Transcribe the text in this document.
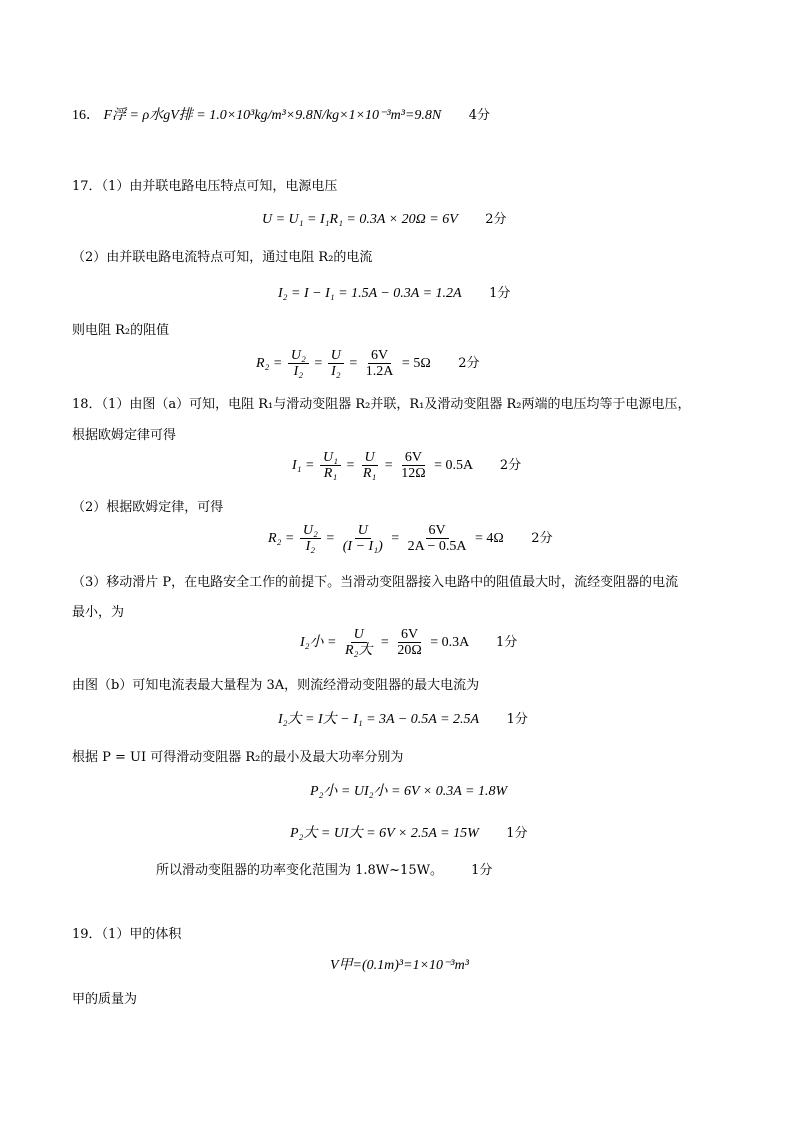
16． F浮 = ρ水gV排 = 1.0×10³kg/m³×9.8N/kg×1×10⁻³m³=9.8N 4分
17．（1）由并联电路电压特点可知，电源电压
U = U₁ = I₁R₁ = 0.3A × 20Ω = 6V 2分
（2）由并联电路电流特点可知，通过电阻 R₂的电流
I₂ = I − I₁ = 1.5A − 0.3A = 1.2A 1分
则电阻 R₂的阻值
$R_2 = \frac{\text{U₂}}{\text{I₂}} = \frac{U}{\text{I₂}} = \frac{6V}{1.2A} = 5\Omega$ 2分
18．（1）由图（a）可知，电阻 R₁与滑动变阻器 R₂并联，R₁及滑动变阻器 R₂两端的电压均等于电源电压，
根据欧姆定律可得
$I_1 = \frac{\text{U₁}}{\text{R₁}} = \frac{U}{\text{R₁}} = \frac{6V}{12\Omega} = 0.5A$ 2分
（2）根据欧姆定律，可得
$R_2 = \frac{\text{U₂}}{\text{I₂}} = \frac{U}{\text{(I − I₁)}} = \frac{6V}{2A - 0.5A} = 4\Omega$ 2分
（3）移动滑片 P，在电路安全工作的前提下。当滑动变阻器接入电路中的阻值最大时，流经变阻器的电流
最小，为
I₂小 = $\frac{U}{\text{R₂大}} = \frac{6V}{20\Omega} = 0.3A$ 1分
由图（b）可知电流表最大量程为 3A，则流经滑动变阻器的最大电流为
I₂大 = I大 − I₁ = 3A − 0.5A = 2.5A 1分
根据 P = UI 可得滑动变阻器 R₂的最小及最大功率分别为
P₂小 = UI₂小 = 6V × 0.3A = 1.8W
P₂大 = UI大 = 6V × 2.5A = 15W 1分
所以滑动变阻器的功率变化范围为 1.8W~15W。 1分
19．（1）甲的体积
V甲=(0.1m)³=1×10⁻³m³
甲的质量为
